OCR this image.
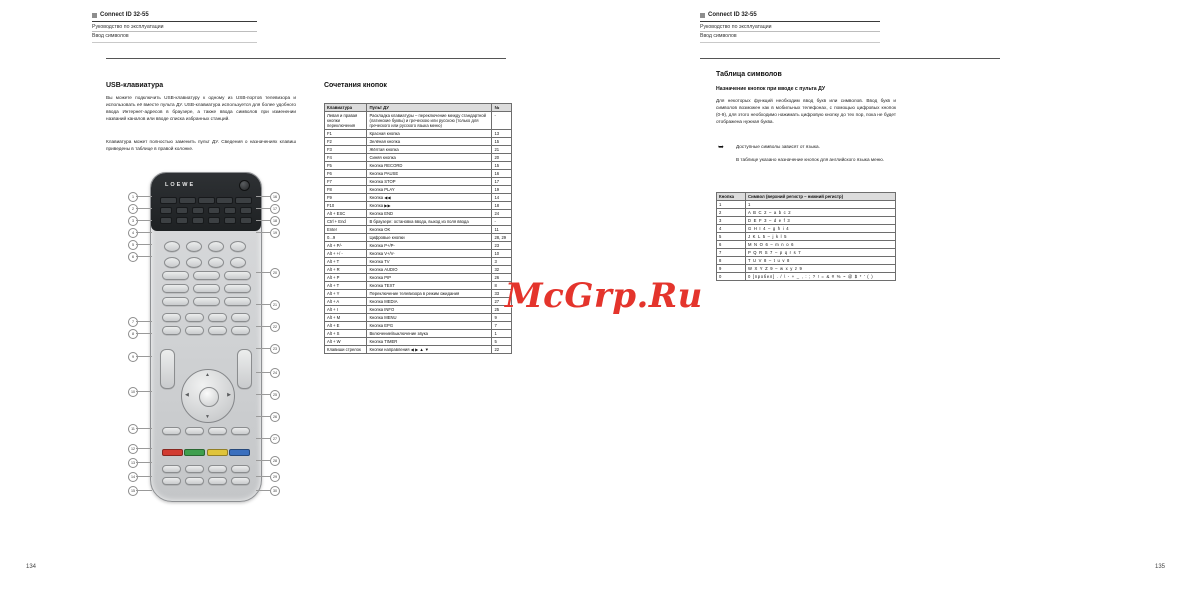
Connect ID 32-55
Руководство по эксплуатации
Ввод символов
USB-клавиатура
Вы можете подключить USB-клавиатуру к одному из USB-портов телевизора и использовать её вместе пульта ДУ. USB-клавиатура используется для более удобного ввода Интернет-адресов в браузере, а также ввода символов при изменении названий каналов или вводе списка избранных станций.
Клавиатура может полностью заменить пульт ДУ. Сведения о назначениях клавиш приведены в таблице в правой колонке.
LOEWE
▲
▼
◀	▶
1
2
3
4
5
6
7
8
9
10
11
12
13
14
15
16
17
18
19
20
21
22
23
24
25
26
27
28
29
30
Сочетания кнопок
Клавиатура	Пульт ДУ	№
Левая и правая кнопки переключения	Раскладка клавиатуры – переключение между стандартной (латинские буквы) и греческою или русскою (только для греческого или русского языка меню)	-
F1	Красная кнопка	13
F2	Зелёная кнопка	15
F3	Жёлтая кнопка	21
F4	Синяя кнопка	20
F5	Кнопка RECORD	15
F6	Кнопка PAUSE	16
F7	Кнопка STOP	17
F8	Кнопка PLAY	19
F9	Кнопка ◀◀	14
F10	Кнопка ▶▶	18
Alt + ESC	Кнопка END	24
Ctrl + End	В браузере: остановка ввода, выход из поля ввода	-
Enter	Кнопка OK	11
0...9	Цифровые кнопки	28, 29
Alt + P/-	Кнопка P+/P-	23
Alt + +/ -	Кнопка V+/V-	10
Alt + T	Кнопка TV	3
Alt + R	Кнопка AUDIO	32
Alt + P	Кнопка PIP	26
Alt + T	Кнопка TEXT	8
Alt + Y	Переключение телевизора в режим ожидания	33
Alt + A	Кнопка MEDIA	27
Alt + I	Кнопка INFO	25
Alt + M	Кнопка MENU	9
Alt + E	Кнопка EPG	7
Alt + S	Включение/выключение звука	1
Alt + W	Кнопка TIMER	5
Клавиши стрелок	Кнопки направления ◀ ▶ ▲ ▼	22
134
Connect ID 32-55
Руководство по эксплуатации
Ввод символов
Таблица символов
Назначение кнопок при вводе с пульта ДУ
Для некоторых функций необходим ввод букв или символов. Ввод букв и символов возможен как в мобильных телефонах, с помощью цифровых кнопок (0-9), для этого необходимо нажимать цифровую кнопку до тех пор, пока не будет отображена нужная буква.
➥	Доступные символы зависят от языка.
В таблице указано назначение кнопок для английского языка меню.
Кнопка	Символ (верхний регистр – нижний регистр)
1	1
2	A B C 2 – a b c 2
3	D E F 3 – d e f 3
4	G H I 4 – g h i 4
5	J K L 5 – j k l 5
6	M N O 6 – m n o 6
7	P Q R S 7 – p q r s 7
8	T U V 8 – t u v 8
9	W X Y Z 9 – w x y z 9
0	0 [пробел] . / \ - + _ , : ; ? ! = & # % ~ @ $ * ' ( )
135
McGrp.Ru
